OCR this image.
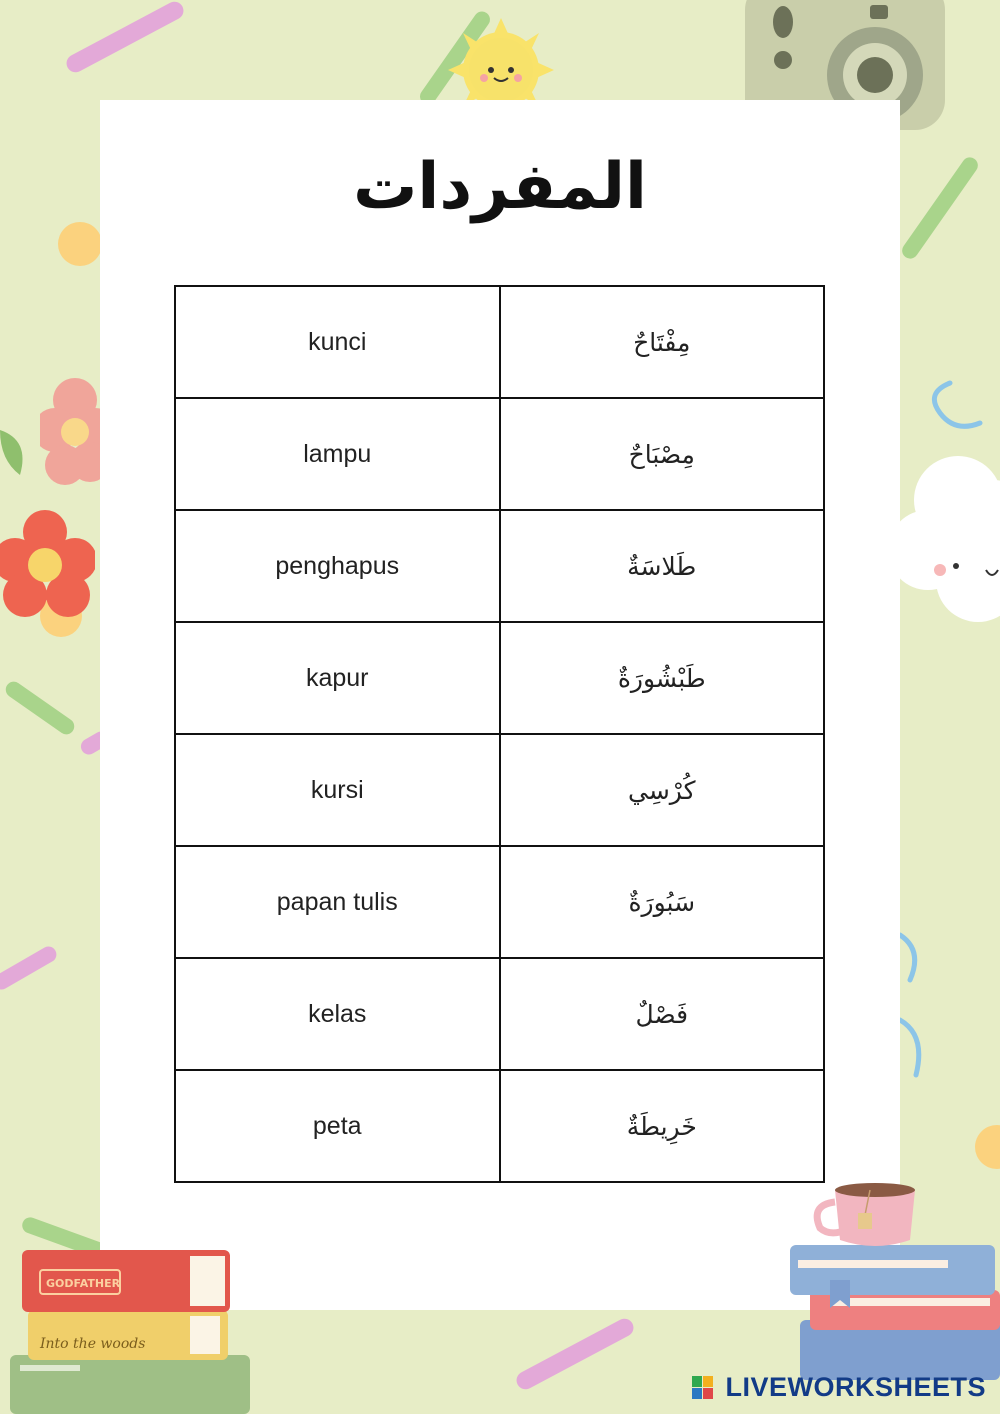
المفردات
kunci	مِفْتَاحٌ
lampu	مِصْبَاحٌ
penghapus	طَلاسَةٌ
kapur	طَبْشُورَةٌ
kursi	كُرْسِي
papan tulis	سَبُورَةٌ
kelas	فَصْلٌ
peta	خَرِيطَةٌ
Into the woods
GODFATHER
LIVEWORKSHEETS
